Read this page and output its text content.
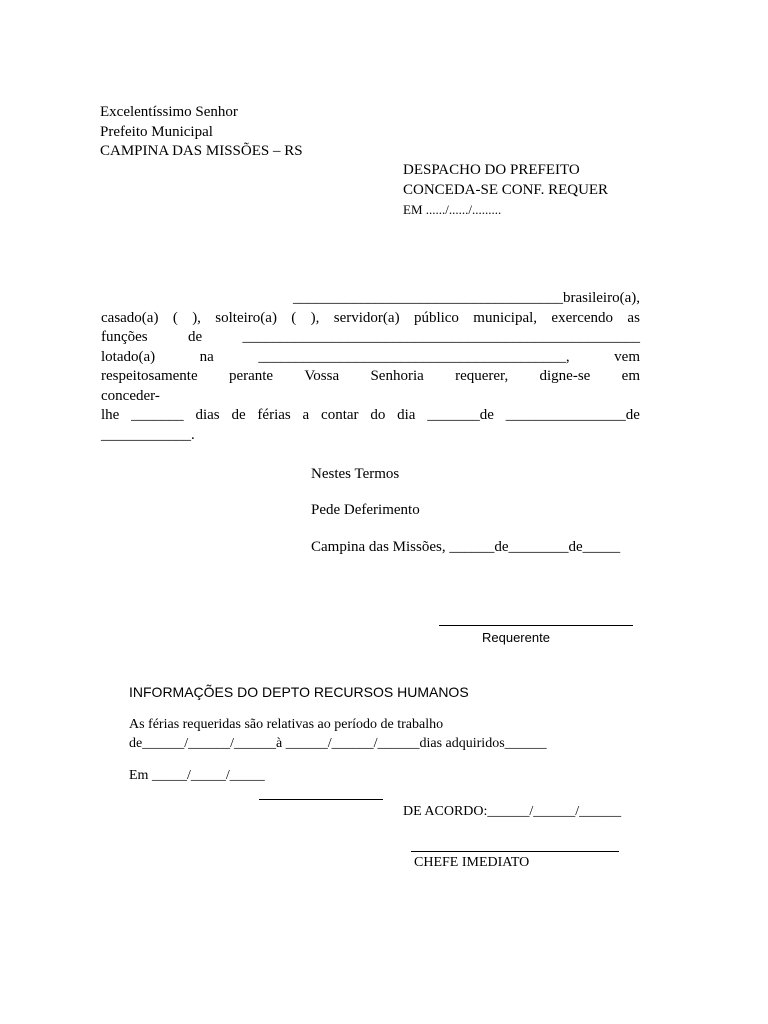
Excelentíssimo Senhor
Prefeito Municipal
CAMPINA DAS MISSÕES – RS
DESPACHO DO PREFEITO
CONCEDA-SE CONF. REQUER
EM ....../....../.........
____________________________________brasileiro(a),
casado(a) ( ), solteiro(a) ( ), servidor(a) público municipal, exercendo as
funções	de	_____________________________________________________
lotado(a)	na	_________________________________________,	vem
respeitosamente perante Vossa Senhoria requerer, digne-se em
conceder-
lhe _______ dias de férias a contar do dia _______de ________________de
____________.
Nestes Termos
Pede Deferimento
Campina das Missões, ______de________de_____
Requerente
INFORMAÇÕES DO DEPTO RECURSOS HUMANOS
As férias requeridas são relativas ao período de trabalho
de______/______/______à ______/______/______dias adquiridos______
Em _____/_____/_____
DE ACORDO:______/______/______
CHEFE IMEDIATO
